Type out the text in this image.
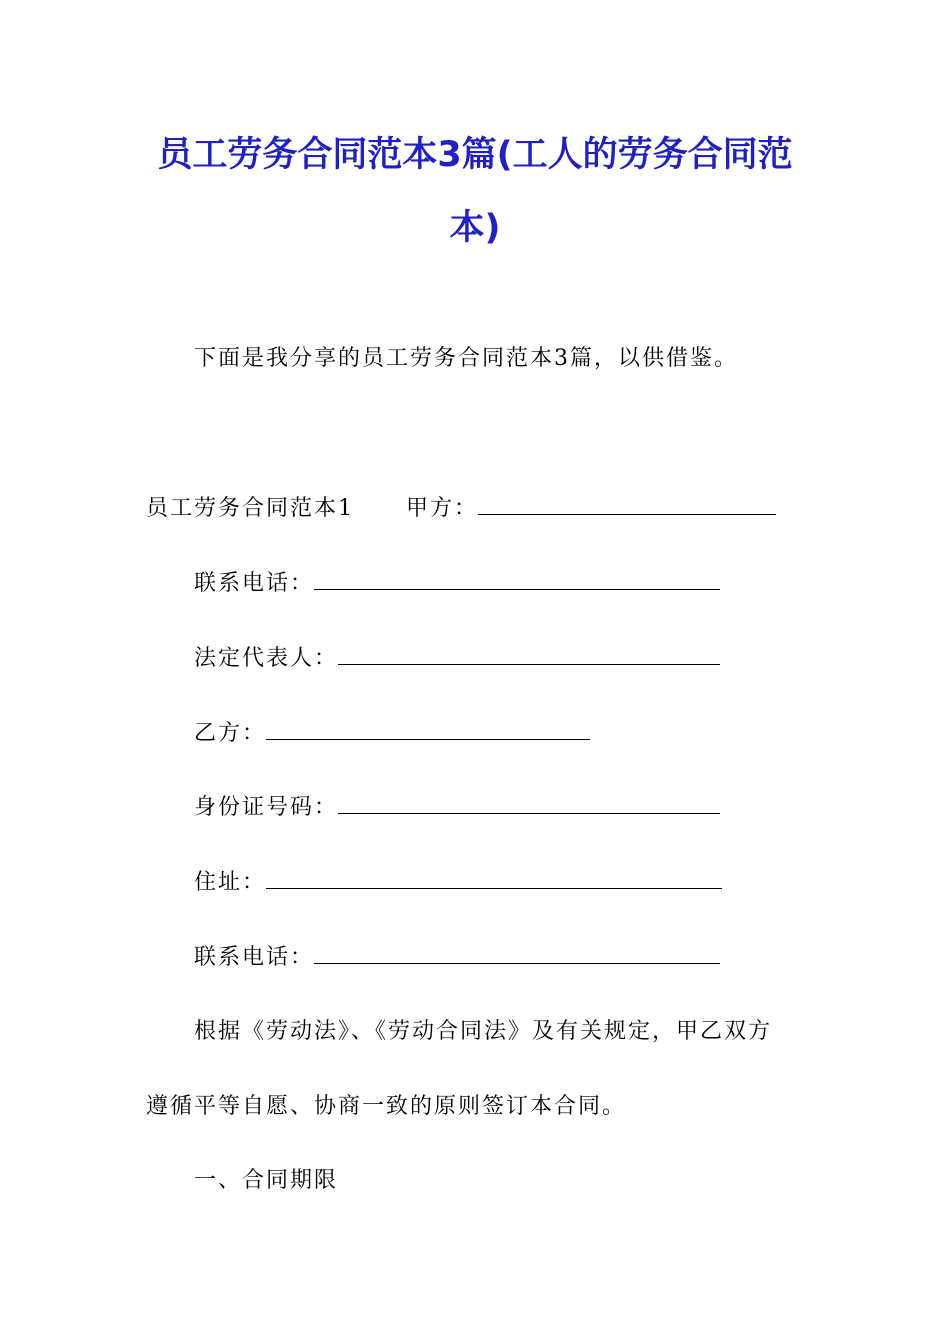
员工劳务合同范本3篇(工人的劳务合同范
本)

下面是我分享的员工劳务合同范本3篇，以供借鉴。

员工劳务合同范本1 甲方：

联系电话：

法定代表人：

乙方：

身份证号码：

住址：

联系电话：

根据《劳动法》、《劳动合同法》及有关规定，甲乙双方

遵循平等自愿、协商一致的原则签订本合同。

一、合同期限
